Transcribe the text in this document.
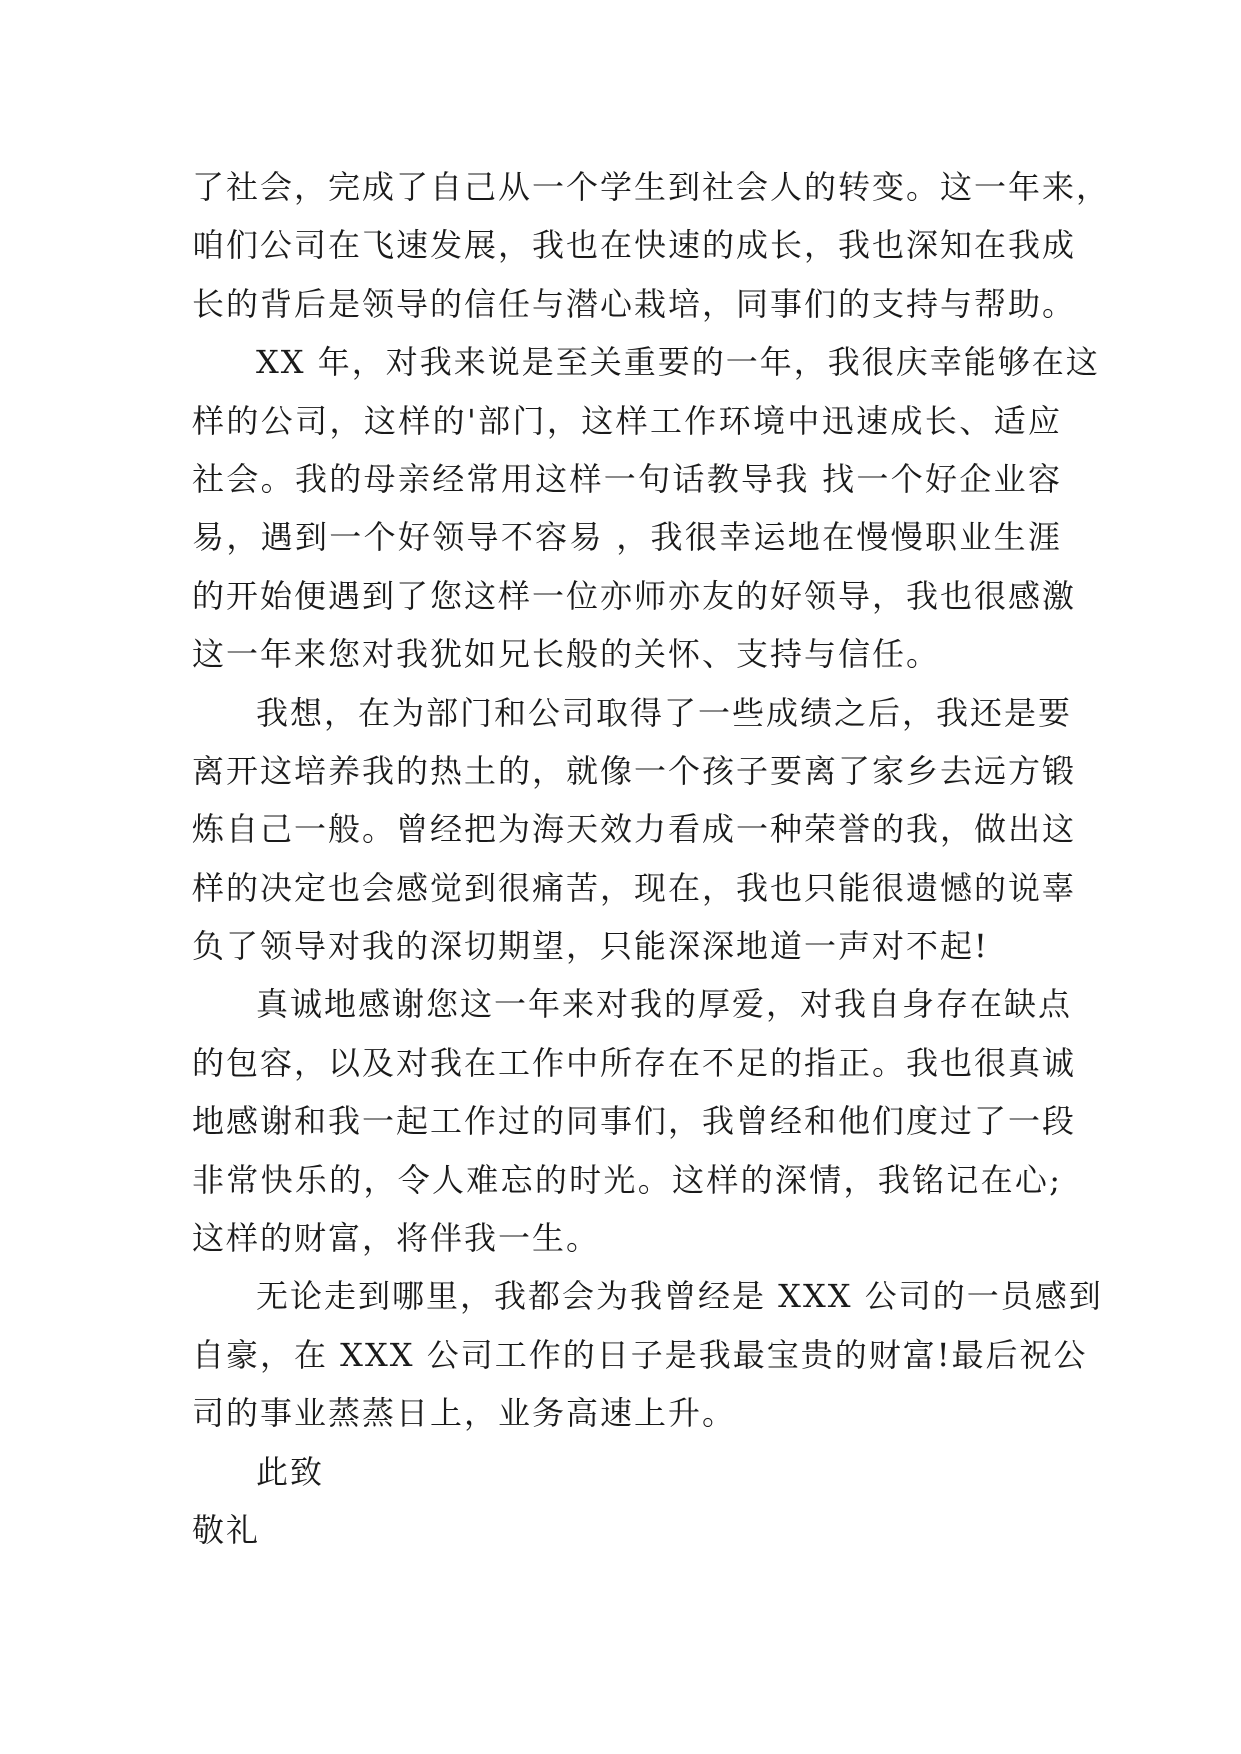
了社会，完成了自己从一个学生到社会人的转变。这一年来，
咱们公司在飞速发展，我也在快速的成长，我也深知在我成
长的背后是领导的信任与潜心栽培，同事们的支持与帮助。
XX 年，对我来说是至关重要的一年，我很庆幸能够在这
样的公司，这样的'部门，这样工作环境中迅速成长、适应
社会。我的母亲经常用这样一句话教导我 找一个好企业容
易，遇到一个好领导不容易 ，我很幸运地在慢慢职业生涯
的开始便遇到了您这样一位亦师亦友的好领导，我也很感激
这一年来您对我犹如兄长般的关怀、支持与信任。
我想，在为部门和公司取得了一些成绩之后，我还是要
离开这培养我的热土的，就像一个孩子要离了家乡去远方锻
炼自己一般。曾经把为海天效力看成一种荣誉的我，做出这
样的决定也会感觉到很痛苦，现在，我也只能很遗憾的说辜
负了领导对我的深切期望，只能深深地道一声对不起!
真诚地感谢您这一年来对我的厚爱，对我自身存在缺点
的包容，以及对我在工作中所存在不足的指正。我也很真诚
地感谢和我一起工作过的同事们，我曾经和他们度过了一段
非常快乐的，令人难忘的时光。这样的深情，我铭记在心;
这样的财富，将伴我一生。
无论走到哪里，我都会为我曾经是 XXX 公司的一员感到
自豪，在 XXX 公司工作的日子是我最宝贵的财富!最后祝公
司的事业蒸蒸日上，业务高速上升。
此致
敬礼
